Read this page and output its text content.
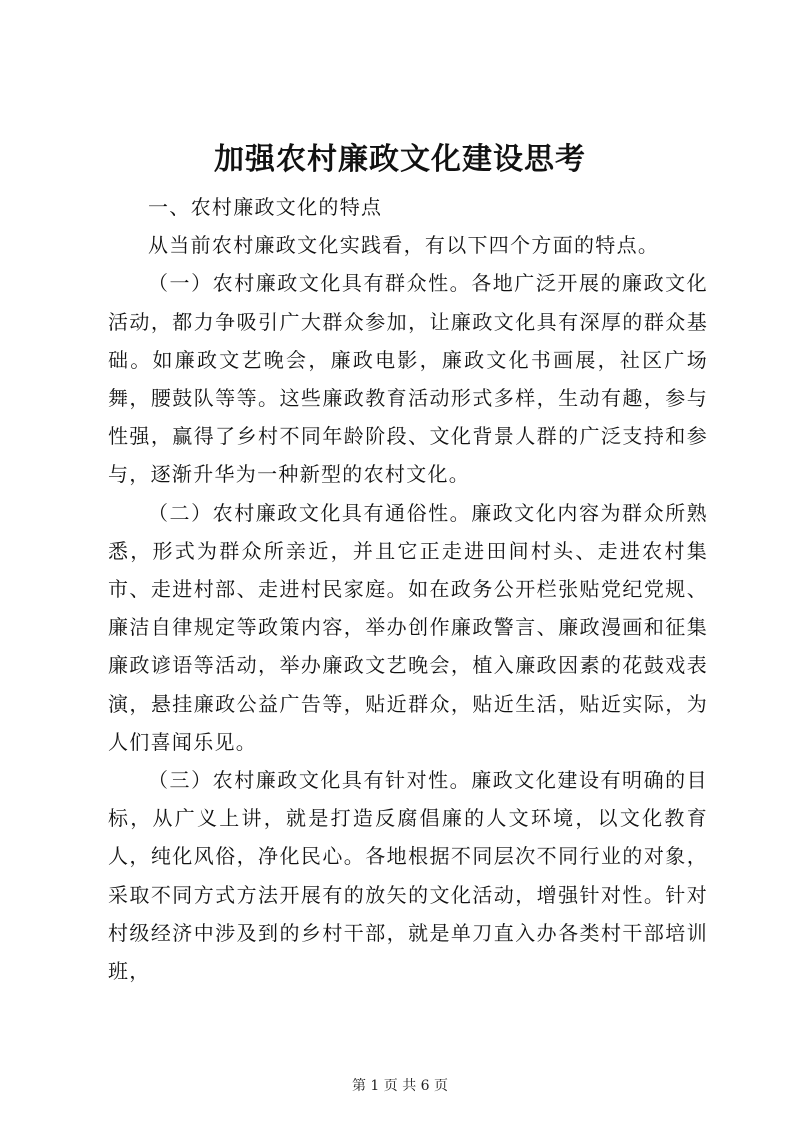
加强农村廉政文化建设思考

一、农村廉政文化的特点

从当前农村廉政文化实践看，有以下四个方面的特点。

（一）农村廉政文化具有群众性。各地广泛开展的廉政文化活动，都力争吸引广大群众参加，让廉政文化具有深厚的群众基础。如廉政文艺晚会，廉政电影，廉政文化书画展，社区广场舞，腰鼓队等等。这些廉政教育活动形式多样，生动有趣，参与性强，赢得了乡村不同年龄阶段、文化背景人群的广泛支持和参与，逐渐升华为一种新型的农村文化。

（二）农村廉政文化具有通俗性。廉政文化内容为群众所熟悉，形式为群众所亲近，并且它正走进田间村头、走进农村集市、走进村部、走进村民家庭。如在政务公开栏张贴党纪党规、廉洁自律规定等政策内容，举办创作廉政警言、廉政漫画和征集廉政谚语等活动，举办廉政文艺晚会，植入廉政因素的花鼓戏表演，悬挂廉政公益广告等，贴近群众，贴近生活，贴近实际，为人们喜闻乐见。

（三）农村廉政文化具有针对性。廉政文化建设有明确的目标，从广义上讲，就是打造反腐倡廉的人文环境，以文化教育人，纯化风俗，净化民心。各地根据不同层次不同行业的对象，采取不同方式方法开展有的放矢的文化活动，增强针对性。针对村级经济中涉及到的乡村干部，就是单刀直入办各类村干部培训班，

第 1 页 共 6 页
